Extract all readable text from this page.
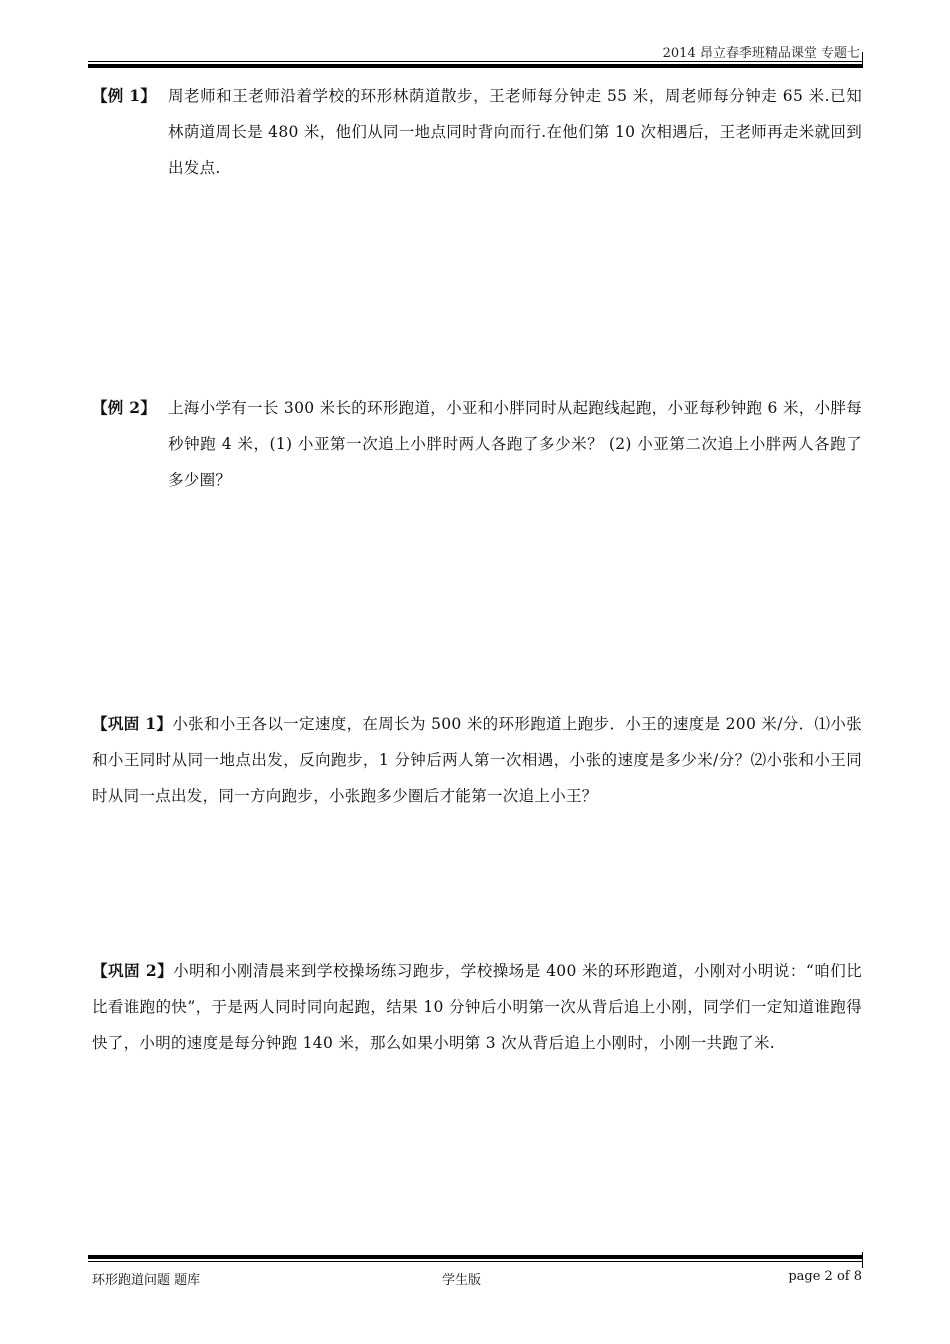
2014 昂立春季班精品课堂 专题七
【例 1】 周老师和王老师沿着学校的环形林荫道散步，王老师每分钟走 55 米，周老师每分钟走 65 米.已知林荫道周长是 480 米，他们从同一地点同时背向而行.在他们第 10 次相遇后，王老师再走米就回到出发点.
【例 2】 上海小学有一长 300 米长的环形跑道，小亚和小胖同时从起跑线起跑，小亚每秒钟跑 6 米，小胖每秒钟跑 4 米，(1) 小亚第一次追上小胖时两人各跑了多少米？ (2) 小亚第二次追上小胖两人各跑了多少圈？
【巩固 1】小张和小王各以一定速度，在周长为 500 米的环形跑道上跑步．小王的速度是 200 米/分．⑴小张和小王同时从同一地点出发，反向跑步，1 分钟后两人第一次相遇，小张的速度是多少米/分？⑵小张和小王同时从同一点出发，同一方向跑步，小张跑多少圈后才能第一次追上小王？
【巩固 2】小明和小刚清晨来到学校操场练习跑步，学校操场是 400 米的环形跑道，小刚对小明说：“咱们比比看谁跑的快”，于是两人同时同向起跑，结果 10 分钟后小明第一次从背后追上小刚，同学们一定知道谁跑得快了，小明的速度是每分钟跑 140 米，那么如果小明第 3 次从背后追上小刚时，小刚一共跑了米.
环形跑道问题 题库	学生版	page 2 of 8
